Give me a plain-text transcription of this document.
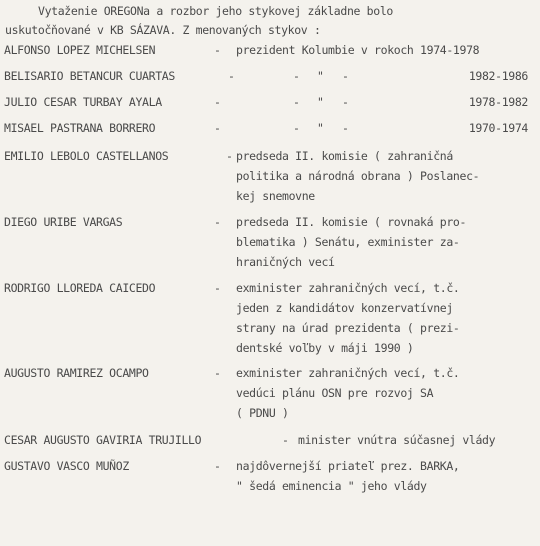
Vytaženie OREGONa a rozbor jeho stykovej základne bolo
uskutočňované v KB SÁZAVA. Z menovaných stykov :
ALFONSO LOPEZ MICHELSEN	- prezident Kolumbie v rokoch 1974-1978
BELISARIO BETANCUR CUARTAS	-	- " -	1982-1986
JULIO CESAR TURBAY AYALA	-	- " -	1978-1982
MISAEL PASTRANA BORRERO	-	- " -	1970-1974
EMILIO LEBOLO CASTELLANOS	- predseda II. komisie ( zahraničná
politika a národná obrana ) Poslanec-
kej snemovne
DIEGO URIBE VARGAS	- predseda II. komisie ( rovnaká pro-
blematika ) Senátu, exminister za-
hraničných vecí
RODRIGO LLOREDA CAICEDO	- exminister zahraničných vecí, t.č.
jeden z kandidátov konzervatívnej
strany na úrad prezidenta ( prezi-
dentské voľby v máji 1990 )
AUGUSTO RAMIREZ OCAMPO	- exminister zahraničných vecí, t.č.
vedúci plánu OSN pre rozvoj SA
( PDNU )
CESAR AUGUSTO GAVIRIA TRUJILLO	- minister vnútra súčasnej vlády
GUSTAVO VASCO MUÑOZ	- najdôvernejší priateľ prez. BARKA,
" šedá eminencia " jeho vlády
